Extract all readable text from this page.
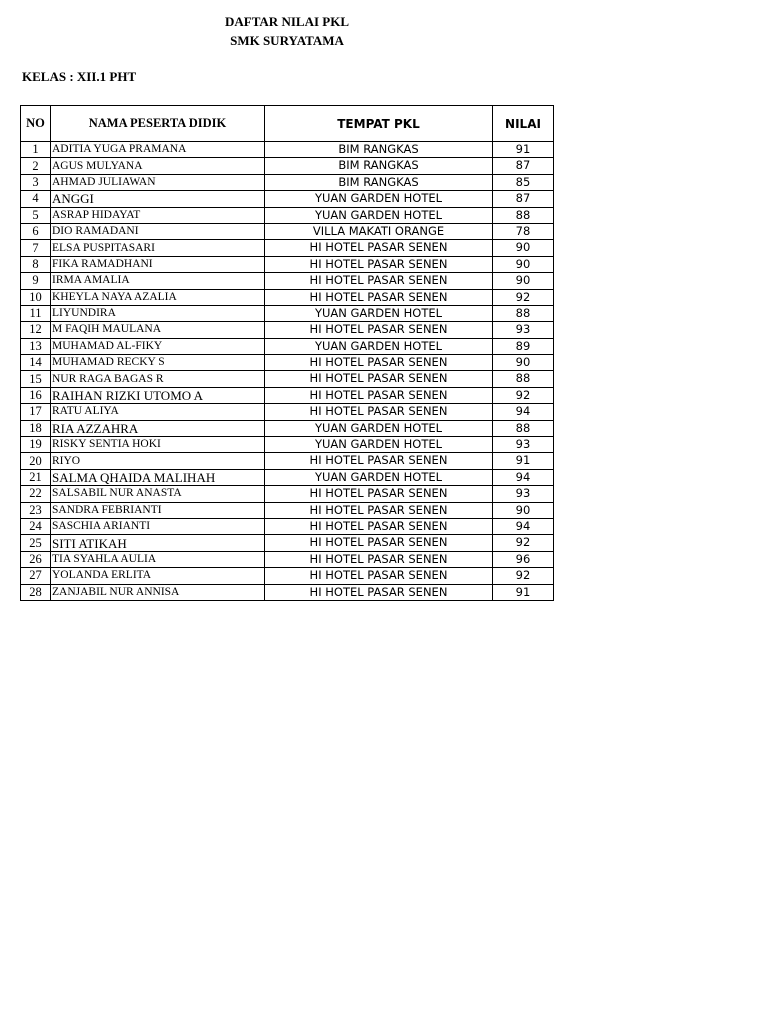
DAFTAR NILAI PKL
SMK SURYATAMA
KELAS : XII.1 PHT
NO	NAMA PESERTA DIDIK	TEMPAT PKL	NILAI
1	ADITIA YUGA PRAMANA	BIM RANGKAS	91
2	AGUS MULYANA	BIM RANGKAS	87
3	AHMAD JULIAWAN	BIM RANGKAS	85
4	ANGGI	YUAN GARDEN HOTEL	87
5	ASRAP HIDAYAT	YUAN GARDEN HOTEL	88
6	DIO RAMADANI	VILLA MAKATI ORANGE	78
7	ELSA PUSPITASARI	HI HOTEL PASAR SENEN	90
8	FIKA RAMADHANI	HI HOTEL PASAR SENEN	90
9	IRMA AMALIA	HI HOTEL PASAR SENEN	90
10	KHEYLA NAYA AZALIA	HI HOTEL PASAR SENEN	92
11	LIYUNDIRA	YUAN GARDEN HOTEL	88
12	M FAQIH MAULANA	HI HOTEL PASAR SENEN	93
13	MUHAMAD AL-FIKY	YUAN GARDEN HOTEL	89
14	MUHAMAD RECKY S	HI HOTEL PASAR SENEN	90
15	NUR RAGA BAGAS R	HI HOTEL PASAR SENEN	88
16	RAIHAN RIZKI UTOMO A	HI HOTEL PASAR SENEN	92
17	RATU ALIYA	HI HOTEL PASAR SENEN	94
18	RIA AZZAHRA	YUAN GARDEN HOTEL	88
19	RISKY SENTIA HOKI	YUAN GARDEN HOTEL	93
20	RIYO	HI HOTEL PASAR SENEN	91
21	SALMA QHAIDA MALIHAH	YUAN GARDEN HOTEL	94
22	SALSABIL NUR ANASTA	HI HOTEL PASAR SENEN	93
23	SANDRA FEBRIANTI	HI HOTEL PASAR SENEN	90
24	SASCHIA ARIANTI	HI HOTEL PASAR SENEN	94
25	SITI ATIKAH	HI HOTEL PASAR SENEN	92
26	TIA SYAHLA AULIA	HI HOTEL PASAR SENEN	96
27	YOLANDA ERLITA	HI HOTEL PASAR SENEN	92
28	ZANJABIL NUR ANNISA	HI HOTEL PASAR SENEN	91
